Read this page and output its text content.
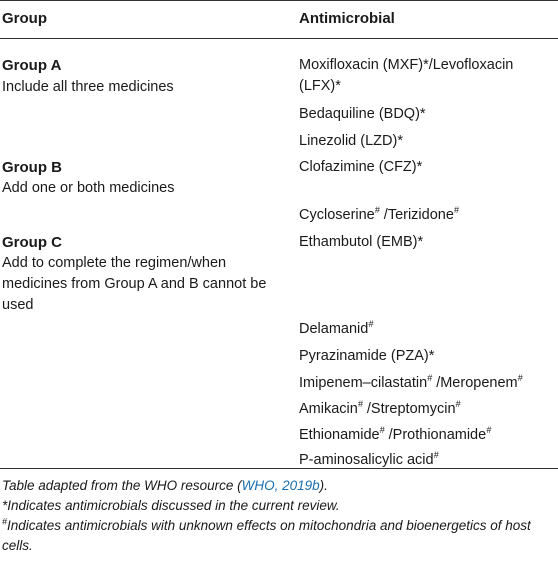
Group	Antimicrobial
Group A
Include all three medicines
Moxifloxacin (MXF)*/Levofloxacin (LFX)*
Bedaquiline (BDQ)*
Linezolid (LZD)*
Group B
Add one or both medicines
Clofazimine (CFZ)*
Cycloserine# /Terizidone#
Group C
Add to complete the regimen/when medicines from Group A and B cannot be used
Ethambutol (EMB)*
Delamanid#
Pyrazinamide (PZA)*
Imipenem–cilastatin# /Meropenem#
Amikacin# /Streptomycin#
Ethionamide# /Prothionamide#
P-aminosalicylic acid#
Table adapted from the WHO resource (WHO, 2019b).
*Indicates antimicrobials discussed in the current review.
#Indicates antimicrobials with unknown effects on mitochondria and bioenergetics of host cells.
